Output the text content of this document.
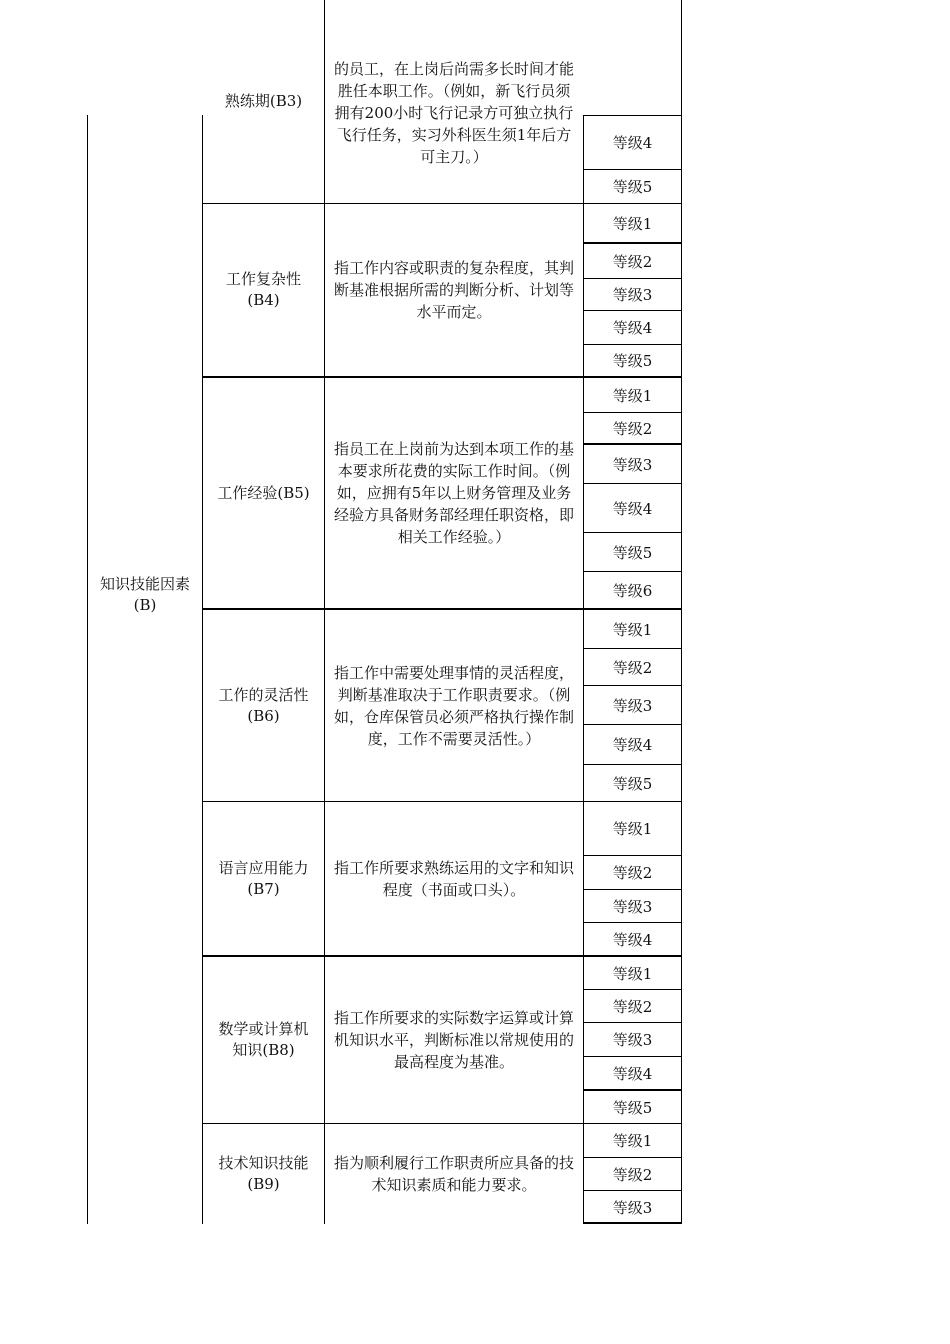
知识技能因素
(B)
熟练期(B3)
的员工，在上岗后尚需多长时间才能胜任本职工作。（例如，新飞行员须拥有200小时飞行记录方可独立执行飞行任务，实习外科医生须1年后方可主刀。）
等级4
等级5
工作复杂性
(B4)
指工作内容或职责的复杂程度，其判断基准根据所需的判断分析、计划等水平而定。
等级1
等级2
等级3
等级4
等级5
工作经验(B5)
指员工在上岗前为达到本项工作的基本要求所花费的实际工作时间。（例如，应拥有5年以上财务管理及业务经验方具备财务部经理任职资格，即相关工作经验。）
等级1
等级2
等级3
等级4
等级5
等级6
工作的灵活性
(B6)
指工作中需要处理事情的灵活程度，判断基准取决于工作职责要求。（例如，仓库保管员必须严格执行操作制度，工作不需要灵活性。）
等级1
等级2
等级3
等级4
等级5
语言应用能力
(B7)
指工作所要求熟练运用的文字和知识程度（书面或口头）。
等级1
等级2
等级3
等级4
数学或计算机
知识(B8)
指工作所要求的实际数字运算或计算机知识水平，判断标准以常规使用的最高程度为基准。
等级1
等级2
等级3
等级4
等级5
技术知识技能
(B9)
指为顺利履行工作职责所应具备的技术知识素质和能力要求。
等级1
等级2
等级3
